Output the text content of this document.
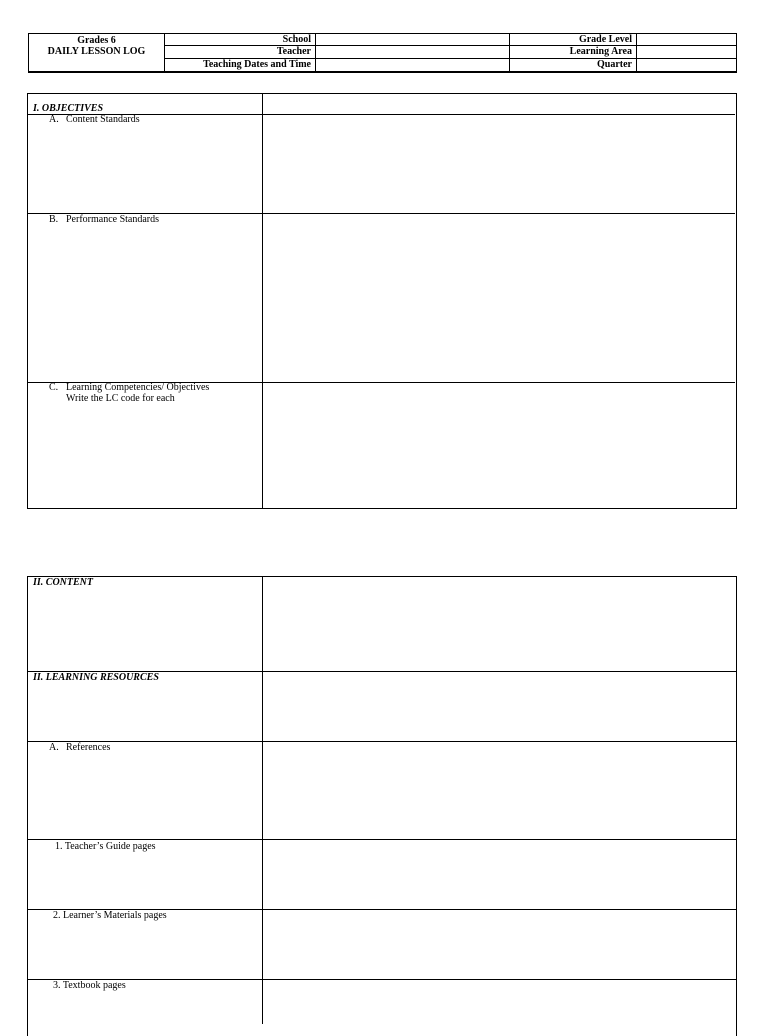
Grades 6
DAILY LESSON LOG
School
Teacher
Teaching Dates and Time
Grade Level
Learning Area
Quarter
I. OBJECTIVES
A. Content Standards
B. Performance Standards
C. Learning Competencies/ Objectives
Write the LC code for each
II. CONTENT
II. LEARNING RESOURCES
A. References
1. Teacher’s Guide pages
2. Learner’s Materials pages
3. Textbook pages
